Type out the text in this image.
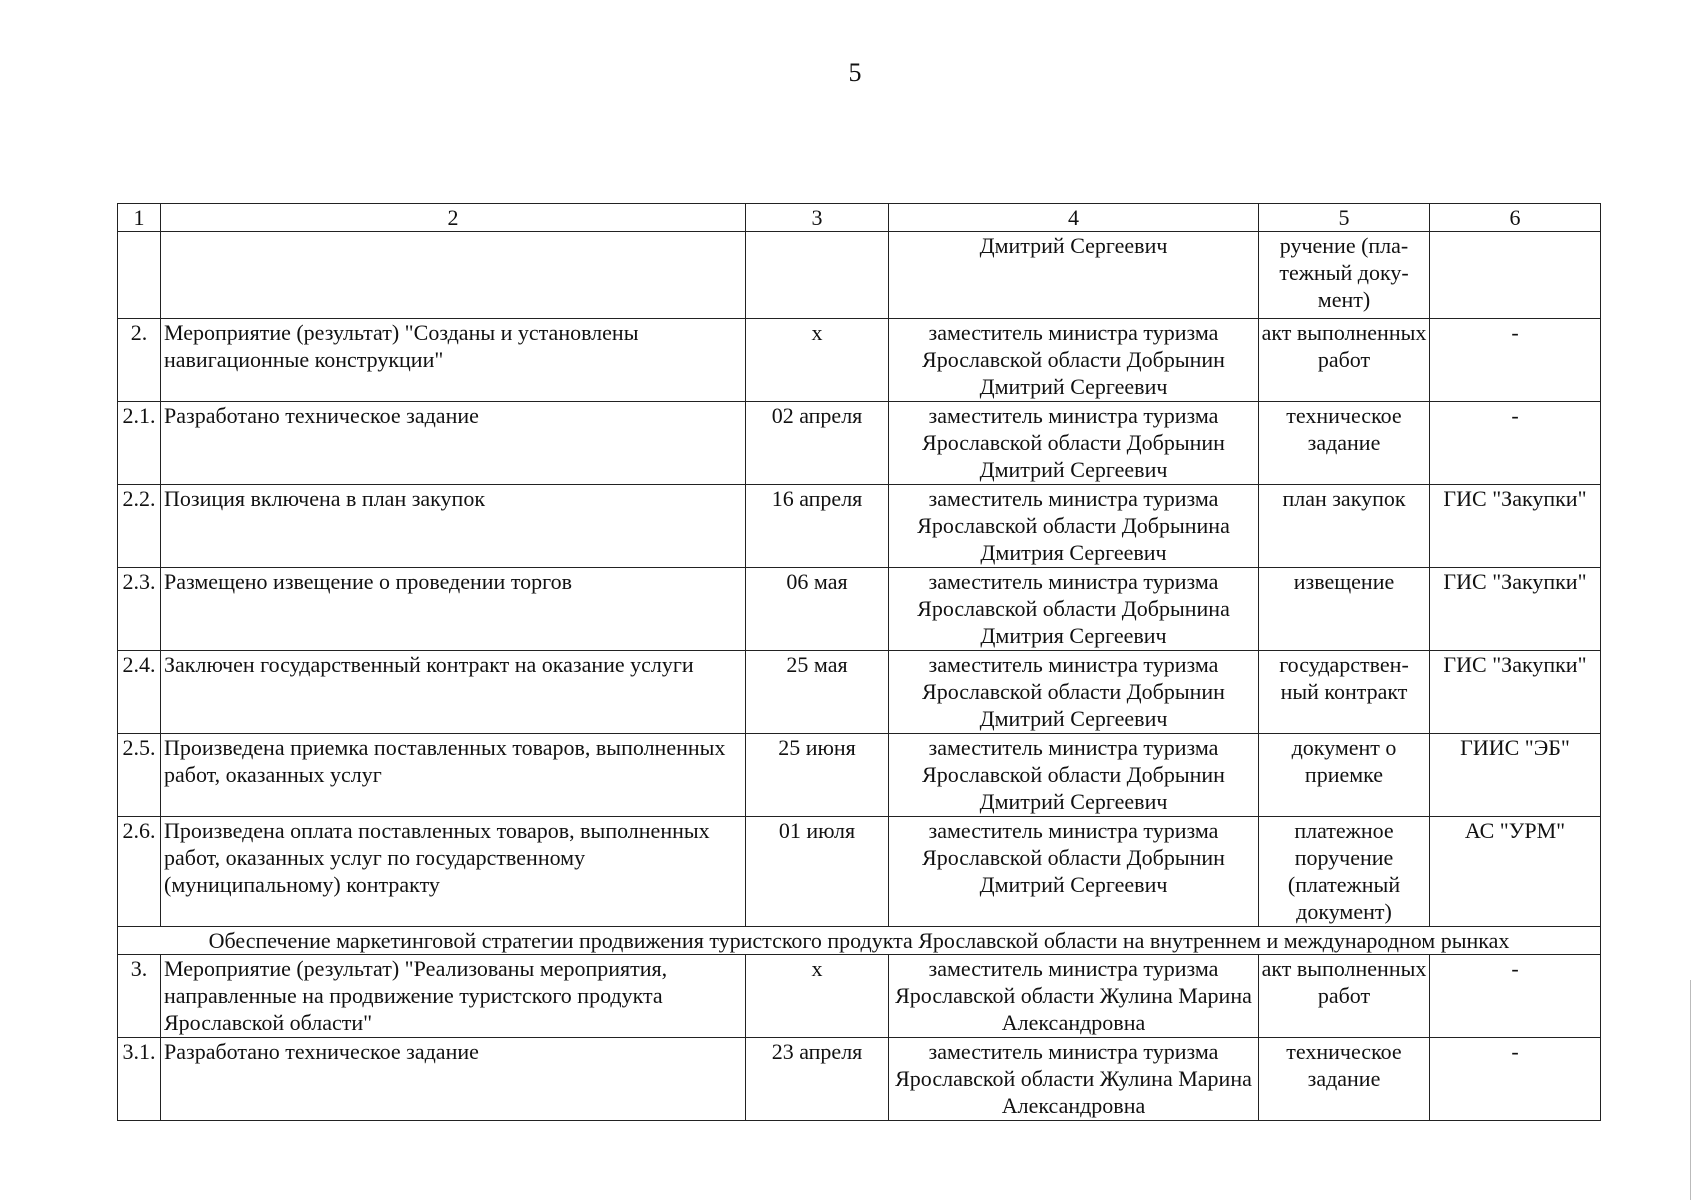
5
1	2	3	4	5	6
			Дмитрий Сергеевич	ручение (пла-тежный доку-мент)	
2.	Мероприятие (результат) "Созданы и установлены навигационные конструкции"	х	заместитель министра туризма Ярославской области Добрынин Дмитрий Сергеевич	акт выполненных работ	-
2.1.	Разработано техническое задание	02 апреля	заместитель министра туризма Ярославской области Добрынин Дмитрий Сергеевич	техническое задание	-
2.2.	Позиция включена в план закупок	16 апреля	заместитель министра туризма Ярославской области Добрынина Дмитрия Сергеевич	план закупок	ГИС "Закупки"
2.3.	Размещено извещение о проведении торгов	06 мая	заместитель министра туризма Ярославской области Добрынина Дмитрия Сергеевич	извещение	ГИС "Закупки"
2.4.	Заключен государственный контракт на оказание услуги	25 мая	заместитель министра туризма Ярославской области Добрынин Дмитрий Сергеевич	государствен-ный контракт	ГИС "Закупки"
2.5.	Произведена приемка поставленных товаров, выполненных работ, оказанных услуг	25 июня	заместитель министра туризма Ярославской области Добрынин Дмитрий Сергеевич	документ о приемке	ГИИС "ЭБ"
2.6.	Произведена оплата поставленных товаров, выполненных работ, оказанных услуг по государственному (муниципальному) контракту	01 июля	заместитель министра туризма Ярославской области Добрынин Дмитрий Сергеевич	платежное поручение (платежный документ)	АС "УРМ"
Обеспечение маркетинговой стратегии продвижения туристского продукта Ярославской области на внутреннем и международном рынках					
3.	Мероприятие (результат) "Реализованы мероприятия, направленные на продвижение туристского продукта Ярославской области"	х	заместитель министра туризма Ярославской области Жулина Марина Александровна	акт выполненных работ	-
3.1.	Разработано техническое задание	23 апреля	заместитель министра туризма Ярославской области Жулина Марина Александровна	техническое задание	-
